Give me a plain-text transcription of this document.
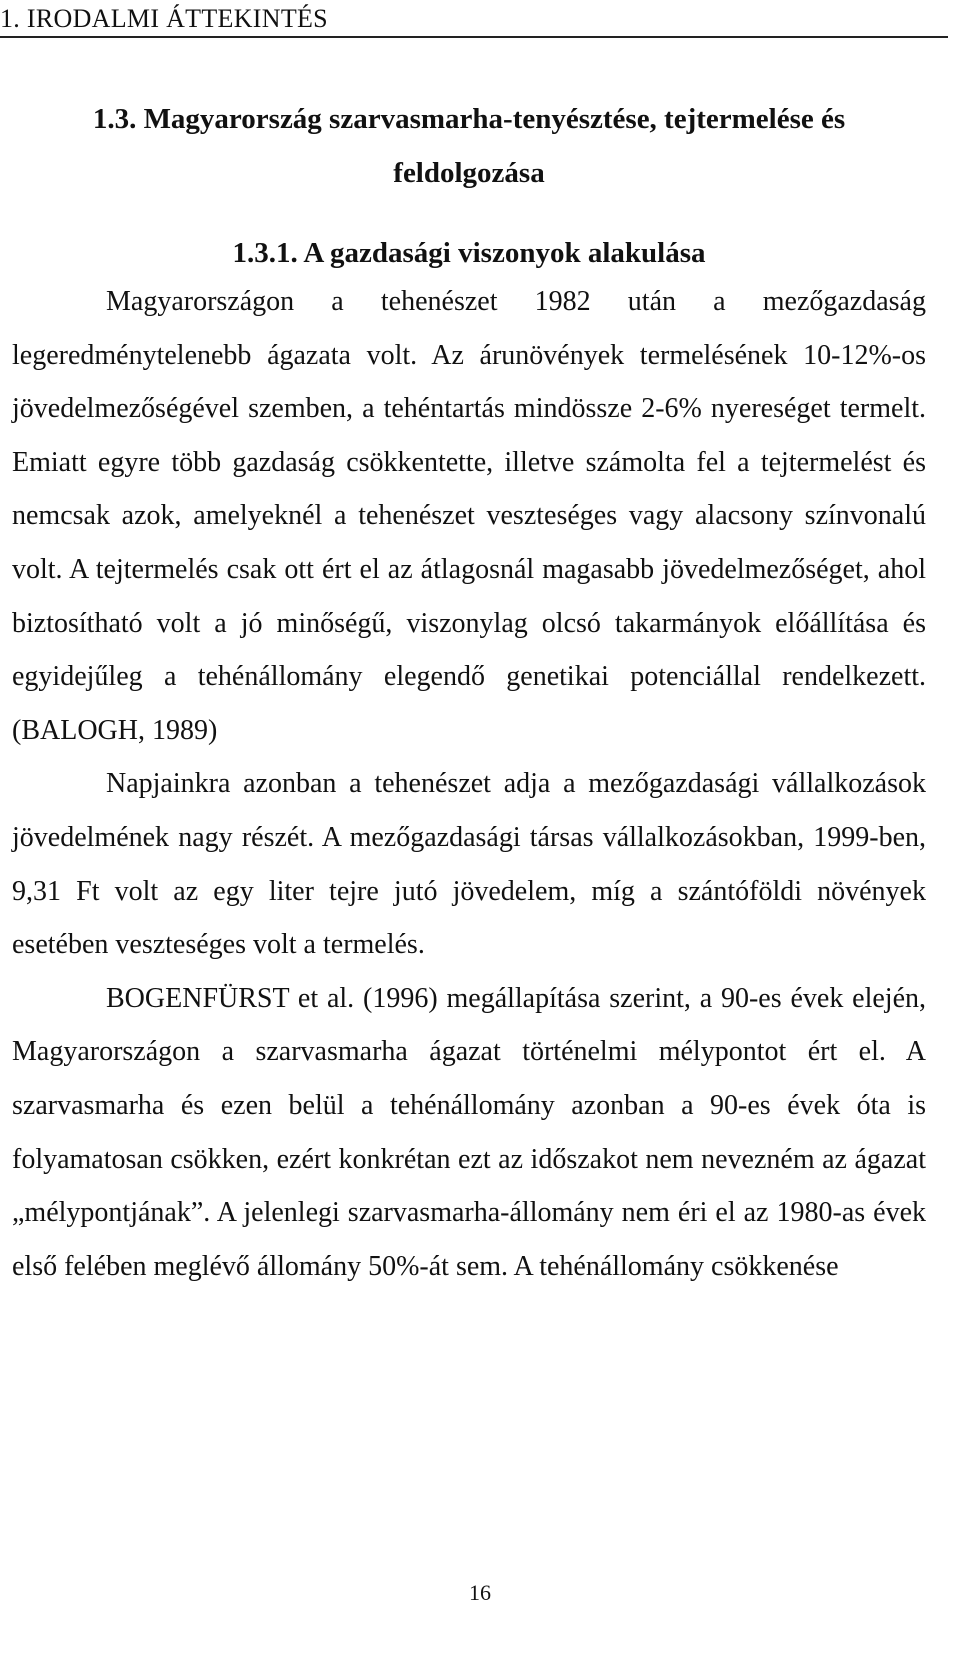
1. IRODALMI ÁTTEKINTÉS
1.3. Magyarország szarvasmarha-tenyésztése, tejtermelése és feldolgozása
1.3.1. A gazdasági viszonyok alakulása

Magyarországon a tehenészet 1982 után a mezőgazdaság legeredménytelenebb ágazata volt. Az árunövények termelésének 10-12%-os jövedelmezőségével szemben, a tehéntartás mindössze 2-6% nyereséget termelt. Emiatt egyre több gazdaság csökkentette, illetve számolta fel a tejtermelést és nemcsak azok, amelyeknél a tehenészet veszteséges vagy alacsony színvonalú volt. A tejtermelés csak ott ért el az átlagosnál magasabb jövedelmezőséget, ahol biztosítható volt a jó minőségű, viszonylag olcsó takarmányok előállítása és egyidejűleg a tehénállomány elegendő genetikai potenciállal rendelkezett. (BALOGH, 1989)

Napjainkra azonban a tehenészet adja a mezőgazdasági vállalkozások jövedelmének nagy részét. A mezőgazdasági társas vállalkozásokban, 1999-ben, 9,31 Ft volt az egy liter tejre jutó jövedelem, míg a szántóföldi növények esetében veszteséges volt a termelés.

BOGENFÜRST et al. (1996) megállapítása szerint, a 90-es évek elején, Magyarországon a szarvasmarha ágazat történelmi mélypontot ért el. A szarvasmarha és ezen belül a tehénállomány azonban a 90-es évek óta is folyamatosan csökken, ezért konkrétan ezt az időszakot nem nevezném az ágazat „mélypontjának”. A jelenlegi szarvasmarha-állomány nem éri el az 1980-as évek első felében meglévő állomány 50%-át sem. A tehénállomány csökkenése

16
